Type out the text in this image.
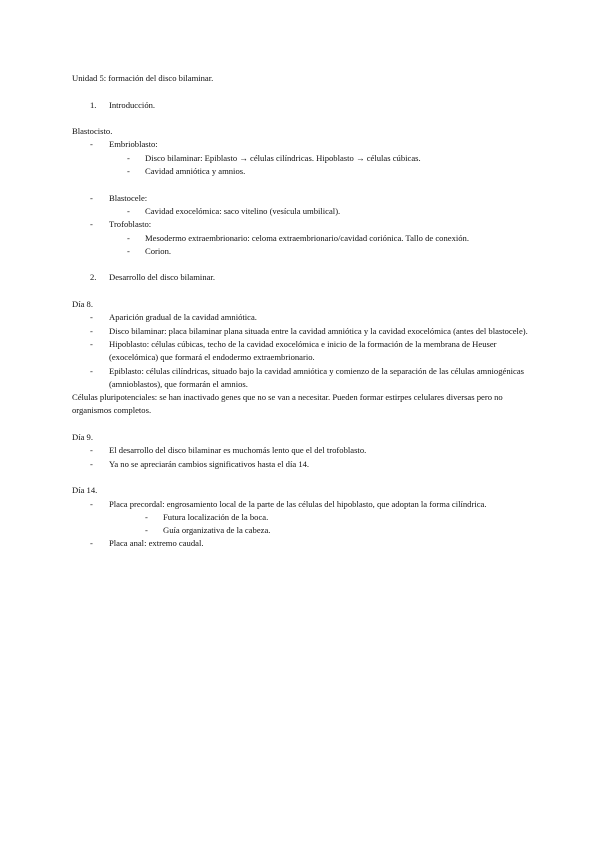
Unidad 5: formación del disco bilaminar.

1. Introducción.

Blastocisto.

- Embrioblasto:
- Disco bilaminar: Epiblasto → células cilíndricas. Hipoblasto → células cúbicas.
- Cavidad amniótica y amnios.
- Blastocele:
- Cavidad exocelómica: saco vitelino (vesícula umbilical).
- Trofoblasto:
- Mesodermo extraembrionario: celoma extraembrionario/cavidad coriónica. Tallo de conexión.
- Corion.
2. Desarrollo del disco bilaminar.

Día 8.

- Aparición gradual de la cavidad amniótica.
- Disco bilaminar: placa bilaminar plana situada entre la cavidad amniótica y la cavidad exocelómica (antes del blastocele).
- Hipoblasto: células cúbicas, techo de la cavidad exocelómica e inicio de la formación de la membrana de Heuser (exocelómica) que formará el endodermo extraembrionario.
- Epiblasto: células cilíndricas, situado bajo la cavidad amniótica y comienzo de la separación de las células amniogénicas (amnioblastos), que formarán el amnios.

Células pluripotenciales: se han inactivado genes que no se van a necesitar. Pueden formar estirpes celulares diversas pero no organismos completos.

Día 9.

- El desarrollo del disco bilaminar es muchomás lento que el del trofoblasto.
- Ya no se apreciarán cambios significativos hasta el día 14.

Día 14.

- Placa precordal: engrosamiento local de la parte de las células del hipoblasto, que adoptan la forma cilíndrica.
- Futura localización de la boca.
- Guía organizativa de la cabeza.
- Placa anal: extremo caudal.
